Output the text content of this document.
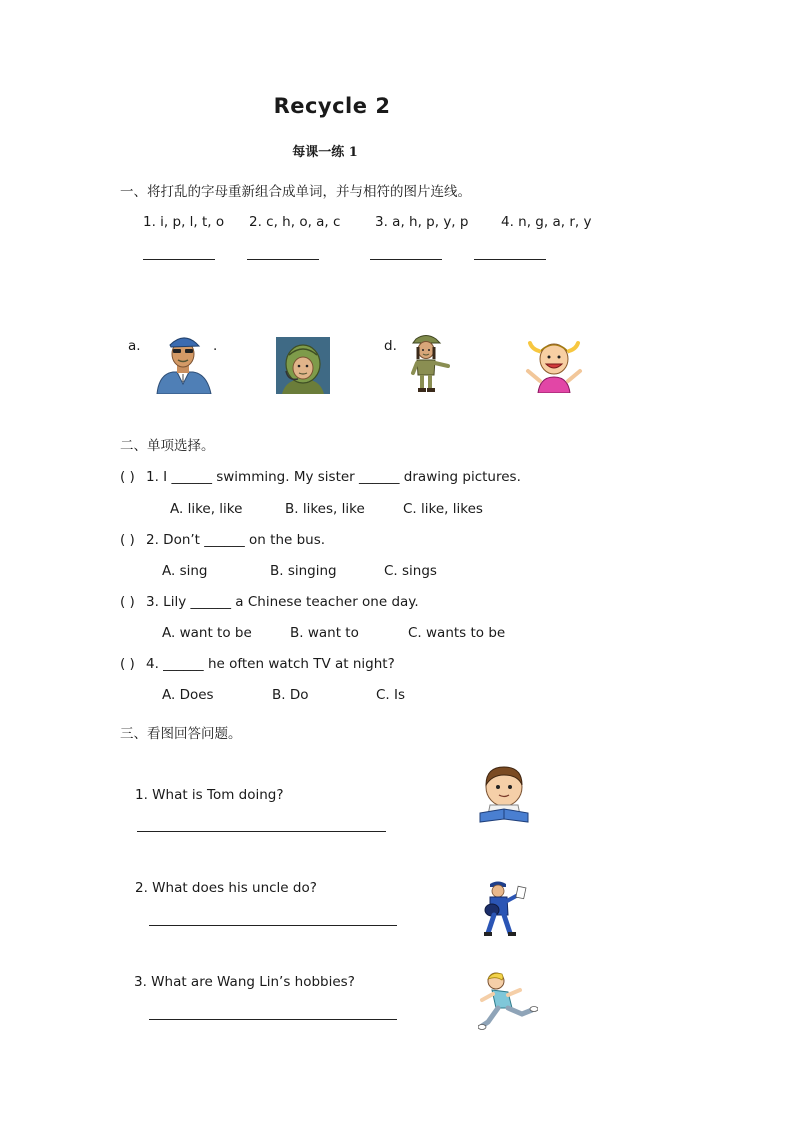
Recycle 2
每课一练 1
一、将打乱的字母重新组合成单词，并与相符的图片连线。
1. i, p, l, t, o 2. c, h, o, a, c	3. a, h, p, y, p 4. n, g, a, r, y
a.	.	d.
二、单项选择。
( ) 1. I ______ swimming. My sister ______ drawing pictures.
A. like, like	B. likes, like	C. like, likes
( ) 2. Don’t ______ on the bus.
A. sing	B. singing	C. sings
( ) 3. Lily ______ a Chinese teacher one day.
A. want to be	B. want to	C. wants to be
( ) 4. ______ he often watch TV at night?
A. Does	B. Do	C. Is
三、看图回答问题。
1. What is Tom doing?
2. What does his uncle do?
3. What are Wang Lin’s hobbies?
